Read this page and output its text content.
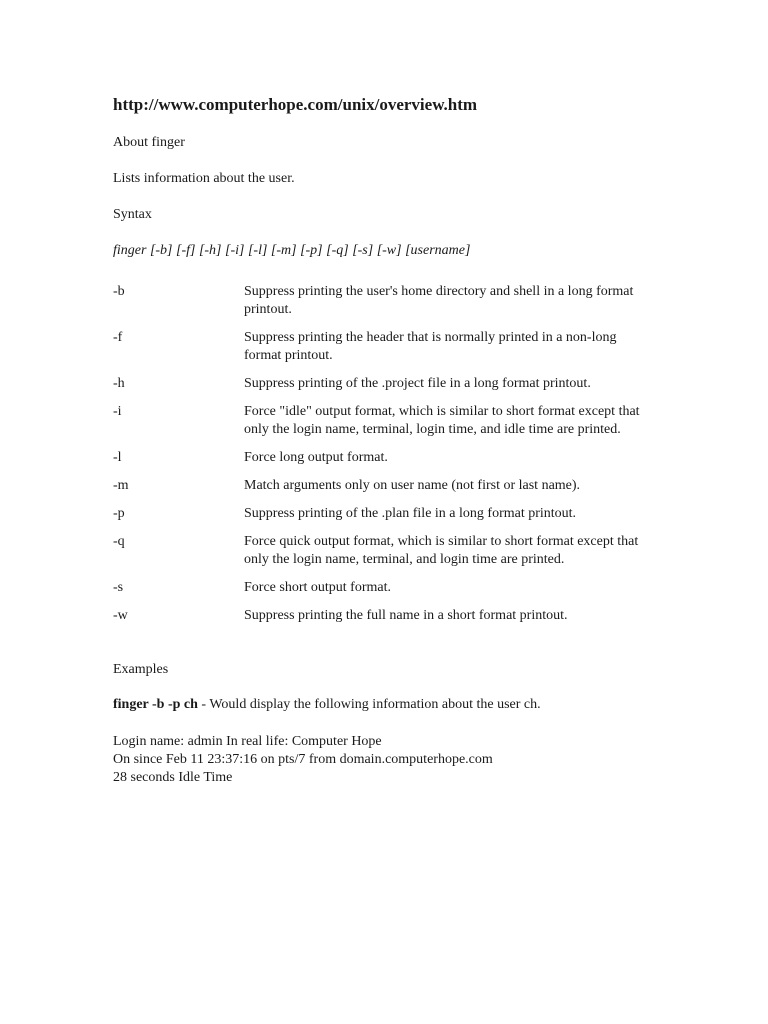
http://www.computerhope.com/unix/overview.htm

About finger

Lists information about the user.

Syntax

finger [-b] [-f] [-h] [-i] [-l] [-m] [-p] [-q] [-s] [-w] [username]

-b	Suppress printing the user's home directory and shell in a long format printout.
-f	Suppress printing the header that is normally printed in a non-long format printout.
-h	Suppress printing of the .project file in a long format printout.
-i	Force "idle" output format, which is similar to short format except that only the login name, terminal, login time, and idle time are printed.
-l	Force long output format.
-m	Match arguments only on user name (not first or last name).
-p	Suppress printing of the .plan file in a long format printout.
-q	Force quick output format, which is similar to short format except that only the login name, terminal, and login time are printed.
-s	Force short output format.
-w	Suppress printing the full name in a short format printout.

Examples

finger -b -p ch - Would display the following information about the user ch.

Login name: admin In real life: Computer Hope
On since Feb 11 23:37:16 on pts/7 from domain.computerhope.com
28 seconds Idle Time
